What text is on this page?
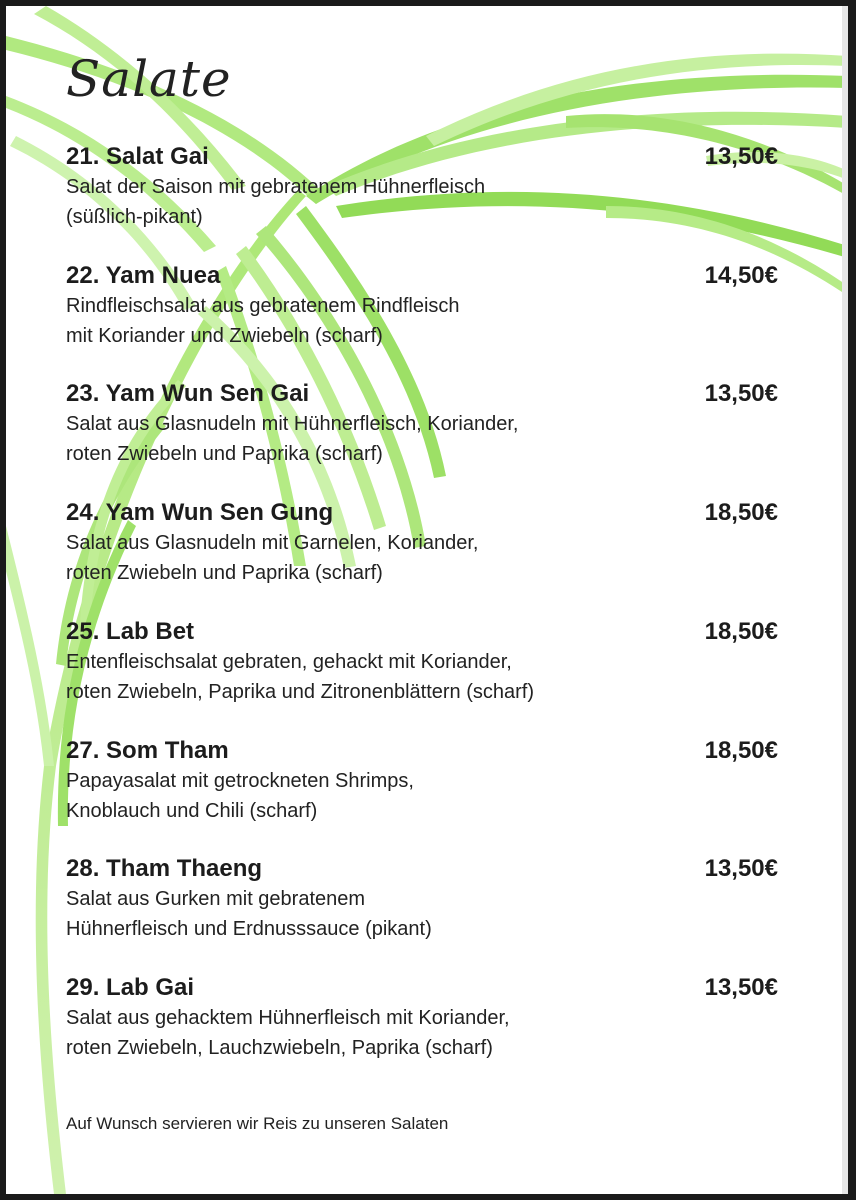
Salate
21. Salat Gai	13,50€
Salat der Saison mit gebratenem Hühnerfleisch
(süßlich-pikant)
22. Yam Nuea	14,50€
Rindfleischsalat aus gebratenem Rindfleisch
mit Koriander und Zwiebeln (scharf)
23. Yam Wun Sen Gai	13,50€
Salat aus Glasnudeln mit Hühnerfleisch, Koriander,
roten Zwiebeln und Paprika (scharf)
24. Yam Wun Sen Gung	18,50€
Salat aus Glasnudeln mit Garnelen, Koriander,
roten Zwiebeln und Paprika (scharf)
25. Lab Bet	18,50€
Entenfleischsalat gebraten, gehackt mit Koriander,
roten Zwiebeln, Paprika und Zitronenblättern (scharf)
27. Som Tham	18,50€
Papayasalat mit getrockneten Shrimps,
Knoblauch und Chili (scharf)
28. Tham Thaeng	13,50€
Salat aus Gurken mit gebratenem
Hühnerfleisch und Erdnusssauce (pikant)
29. Lab Gai	13,50€
Salat aus gehacktem Hühnerfleisch mit Koriander,
roten Zwiebeln, Lauchzwiebeln, Paprika (scharf)
Auf Wunsch servieren wir Reis zu unseren Salaten
